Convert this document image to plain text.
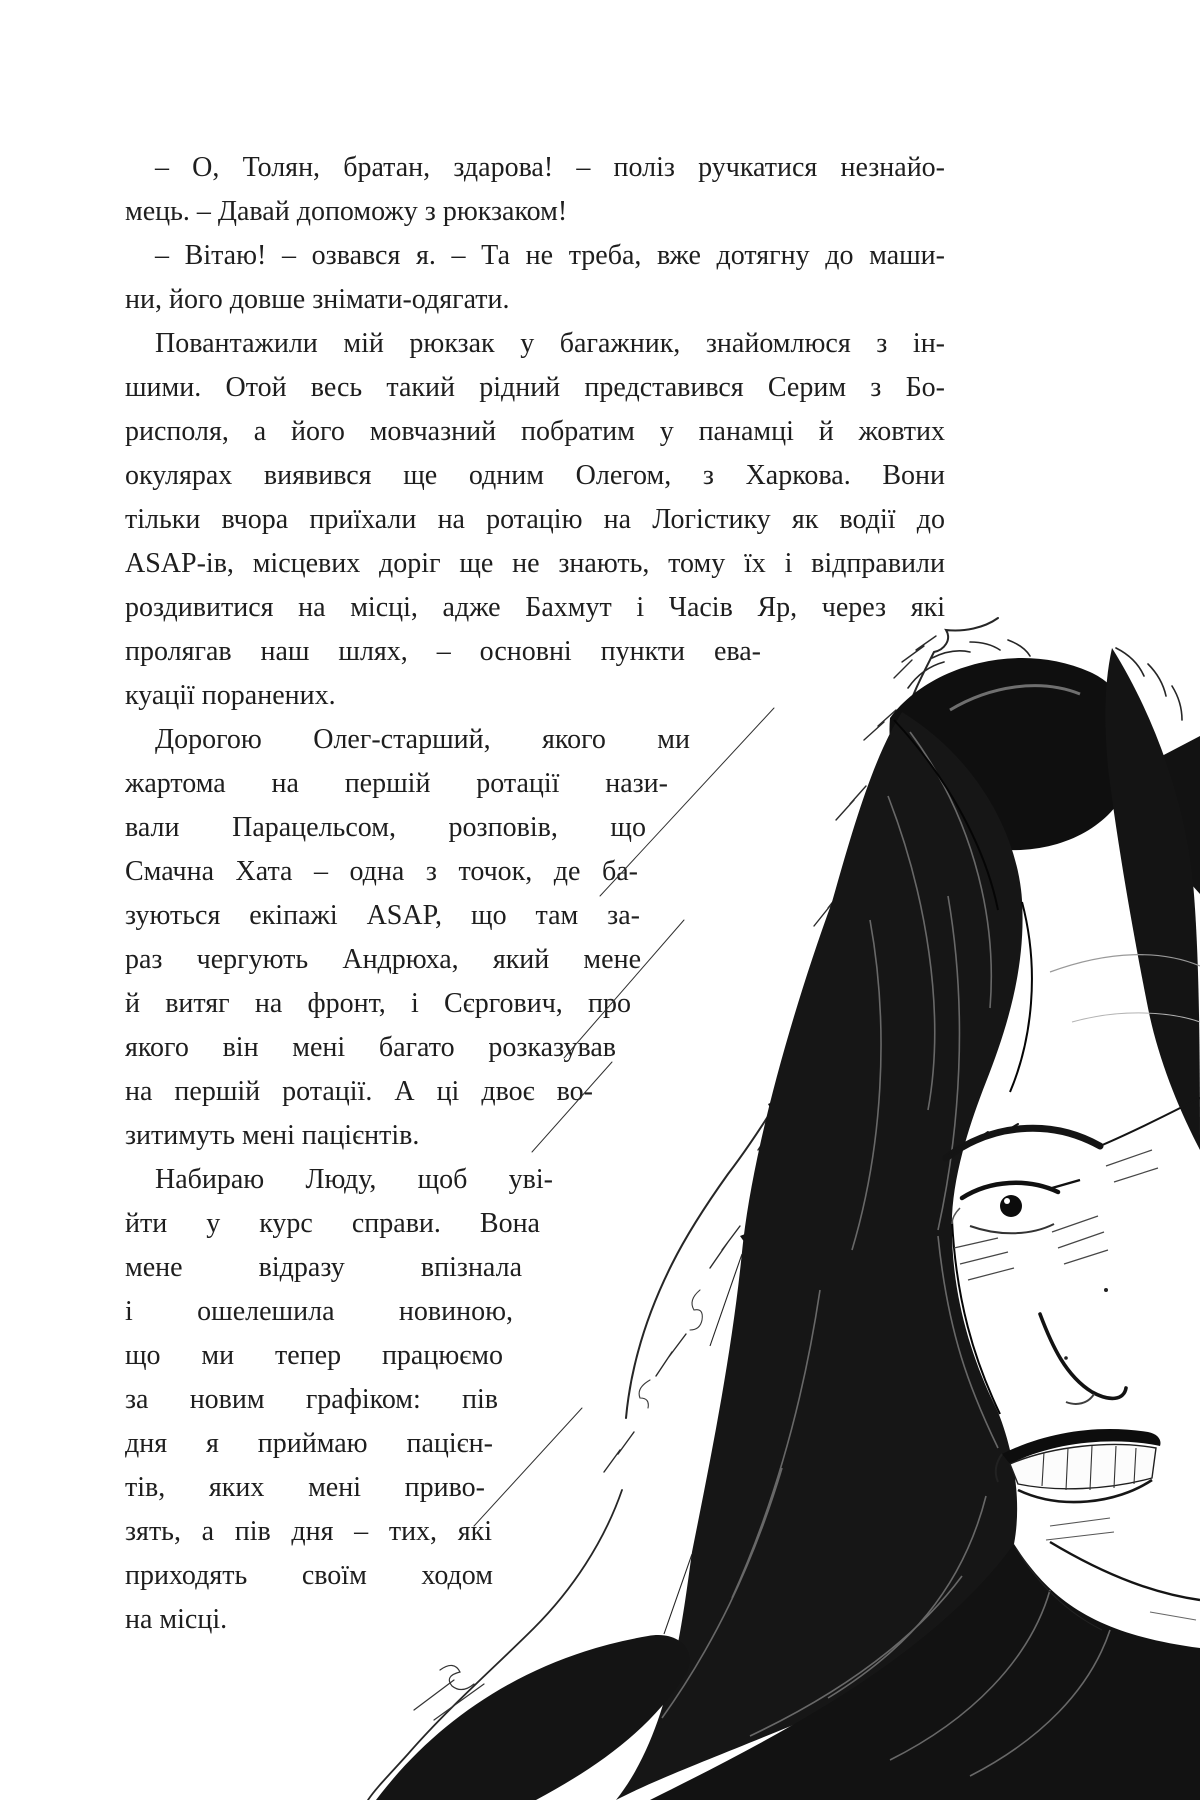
– О, Толян, братан, здарова! – поліз ручкатися незнайо-
мець. – Давай допоможу з рюкзаком!
– Вітаю! – озвався я. – Та не треба, вже дотягну до маши-
ни, його довше знімати-одягати.
Повантажили мій рюкзак у багажник, знайомлюся з ін-
шими. Отой весь такий рідний представився Серим з Бо-
рисполя, а його мовчазний побратим у панамці й жовтих
окулярах виявився ще одним Олегом, з Харкова. Вони
тільки вчора приїхали на ротацію на Логістику як водії до
ASAP-ів, місцевих доріг ще не знають, тому їх і відправили
роздивитися на місці, адже Бахмут і Часів Яр, через які
пролягав наш шлях, – основні пункти ева-
куації поранених.
Дорогою Олег-старший, якого ми
жартома на першій ротації нази-
вали Парацельсом, розповів, що
Смачна Хата – одна з точок, де ба-
зуються екіпажі ASAP, що там за-
раз чергують Андрюха, який мене
й витяг на фронт, і Сєргович, про
якого він мені багато розказував
на першій ротації. А ці двоє во-
зитимуть мені пацієнтів.
Набираю Люду, щоб уві-
йти у курс справи. Вона
мене відразу впізнала
і ошелешила новиною,
що ми тепер працюємо
за новим графіком: пів
дня я приймаю пацієн-
тів, яких мені приво-
зять, а пів дня – тих, які
приходять своїм ходом
на місці.
